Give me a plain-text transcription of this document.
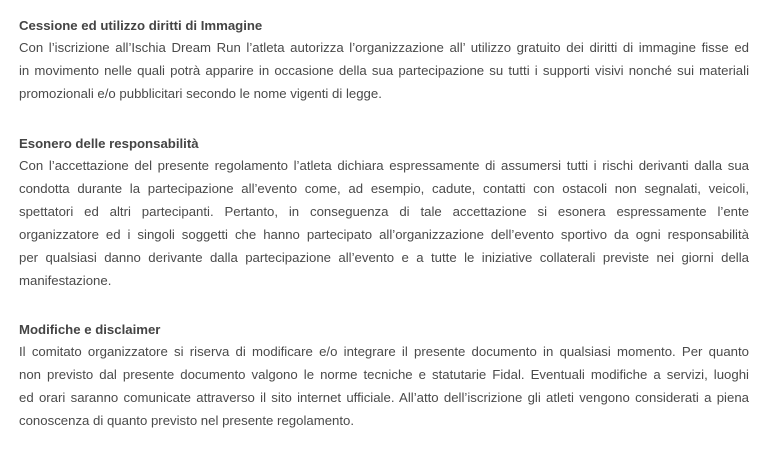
Cessione ed utilizzo diritti di Immagine
Con l’iscrizione all’Ischia Dream Run l’atleta autorizza l’organizzazione all’ utilizzo gratuito dei diritti di immagine fisse ed
in movimento nelle quali potrà apparire in occasione della sua partecipazione su tutti i supporti visivi nonché sui materiali
promozionali e/o pubblicitari secondo le nome vigenti di legge.
Esonero delle responsabilità
Con l’accettazione del presente regolamento l’atleta dichiara espressamente di assumersi tutti i rischi derivanti dalla sua
condotta durante la partecipazione all’evento come, ad esempio, cadute, contatti con ostacoli non segnalati, veicoli,
spettatori ed altri partecipanti. Pertanto, in conseguenza di tale accettazione si esonera espressamente l’ente
organizzatore ed i singoli soggetti che hanno partecipato all’organizzazione dell’evento sportivo da ogni responsabilità
per qualsiasi danno derivante dalla partecipazione all’evento e a tutte le iniziative collaterali previste nei giorni della
manifestazione.
Modifiche e disclaimer
Il comitato organizzatore si riserva di modificare e/o integrare il presente documento in qualsiasi momento. Per quanto
non previsto dal presente documento valgono le norme tecniche e statutarie Fidal. Eventuali modifiche a servizi, luoghi
ed orari saranno comunicate attraverso il sito internet ufficiale. All’atto dell’iscrizione gli atleti vengono considerati a piena
conoscenza di quanto previsto nel presente regolamento.
